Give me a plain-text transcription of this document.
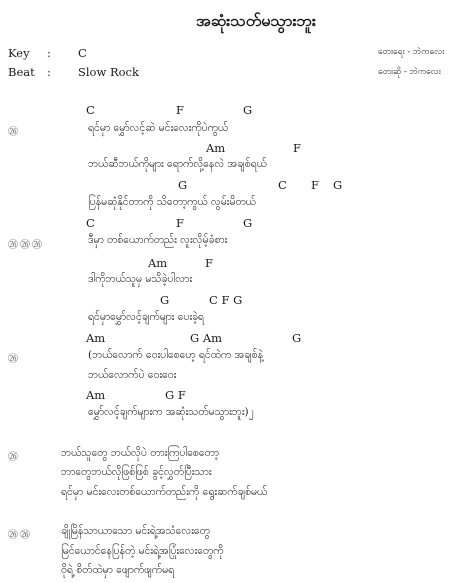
အဆုံးသတ်မသွားဘူး
Key : C
Beat : Slow Rock
တေးရေး - ဘဲကလေး
တေးဆို - ဘဲကလေး
C	F	G
㉖	ရင်မှာ မွှော်လင့်ဆဲ မင်းလေးကိုပဲကွယ်
Am	F
ဘယ်ဆီဘယ်ကိုများ ရောက်လို့နေလဲ အချစ်ရယ်
G	C F G
ပြန်မဆုံနိုင်တာကို သိတော့ကွယ် လွမ်းမိတယ်
C	F	G
㉖㉖㉖	ဒီမှာ တစ်ယောက်တည်း လူးလိုမ့်ခံစား
Am	F
ဒါကိုဘယ်သူမှ မသိခဲ့ပါလား
G	C F G
ရင်မှာမွှော်လင့်ချက်များ ပေးခဲ့ရ
Am	G Am	G
㉖	(ဘယ်လောက် ဝေးပါစေဟေ့ ရင်ထဲက အချစ်နဲ့
ဘယ်လောက်ပဲ ဝေးဝေး
Am	G F
မွှော်လင့်ချက်များက အဆုံးသတ်မသွားဘူး)၂
㉖	ဘယ်သူတွေ ဘယ်လိုပဲ တားကြပါစေတော့
ဘာတွေဘယ်လိုဖြစ်ဖြစ် ခွင့်လွှတ်ပြီးသား
ရင်မှာ မင်းလေးတစ်ယောက်တည်းကို ရွေးဆက်ချစ်မယ်
㉖㉖	ချိုမြိန်သာယာသော မင်းရဲ့အသံလေးတွေ
မြင်ယောင်နေပြန်တဲ့ မင်းရဲ့အပြုံးလေးတွေကို
ဝိုရဲ့ စိတ်ထဲမှာ ဖျောက်ဖျက်မရ
